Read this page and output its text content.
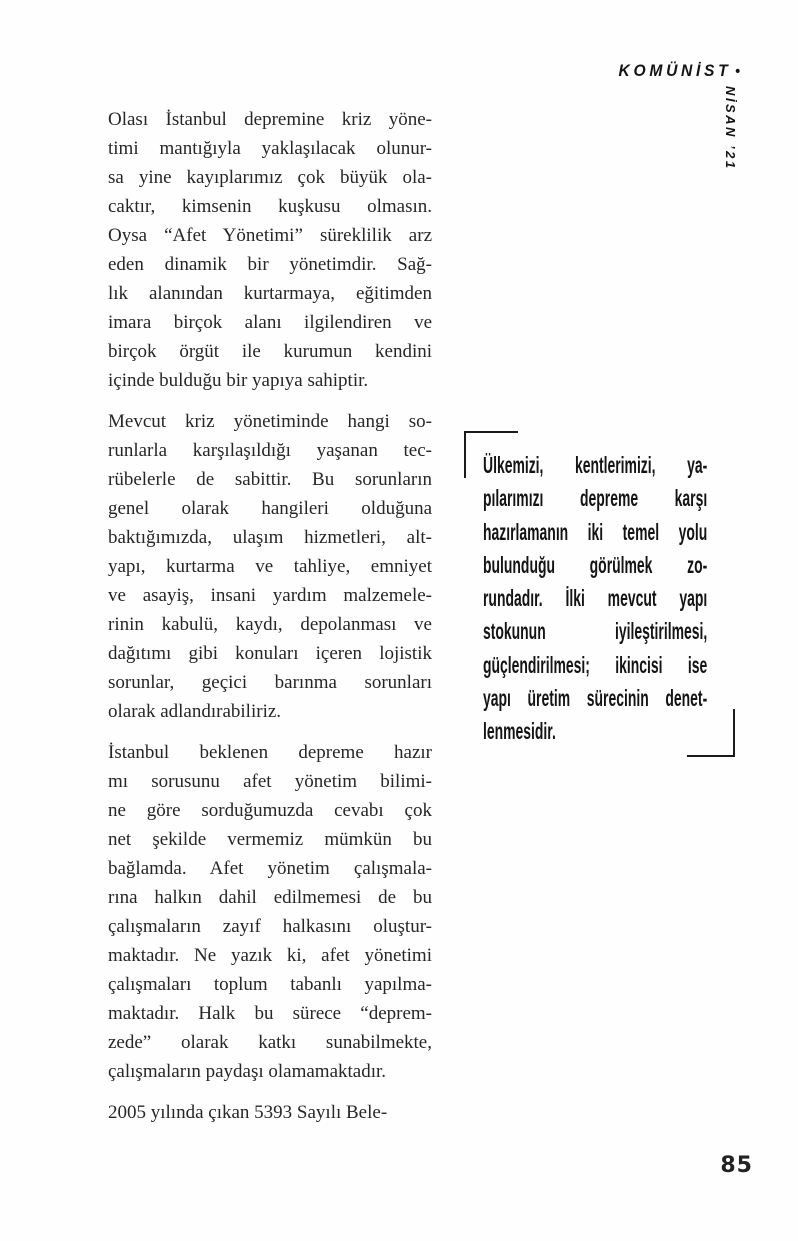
KOMÜNİST •
NİSAN ’21

Olası İstanbul depremine kriz yöne-
timi mantığıyla yaklaşılacak olunur-
sa yine kayıplarımız çok büyük ola-
caktır, kimsenin kuşkusu olmasın.
Oysa “Afet Yönetimi” süreklilik arz
eden dinamik bir yönetimdir. Sağ-
lık alanından kurtarmaya, eğitimden
imara birçok alanı ilgilendiren ve
birçok örgüt ile kurumun kendini
içinde bulduğu bir yapıya sahiptir.

Mevcut kriz yönetiminde hangi so-
runlarla karşılaşıldığı yaşanan tec-
rübelerle de sabittir. Bu sorunların
genel olarak hangileri olduğuna
baktığımızda, ulaşım hizmetleri, alt-
yapı, kurtarma ve tahliye, emniyet
ve asayiş, insani yardım malzemele-
rinin kabulü, kaydı, depolanması ve
dağıtımı gibi konuları içeren lojistik
sorunlar, geçici barınma sorunları
olarak adlandırabiliriz.

İstanbul beklenen depreme hazır
mı sorusunu afet yönetim bilimi-
ne göre sorduğumuzda cevabı çok
net şekilde vermemiz mümkün bu
bağlamda. Afet yönetim çalışmala-
rına halkın dahil edilmemesi de bu
çalışmaların zayıf halkasını oluştur-
maktadır. Ne yazık ki, afet yönetimi
çalışmaları toplum tabanlı yapılma-
maktadır. Halk bu sürece “deprem-
zede” olarak katkı sunabilmekte,
çalışmaların paydaşı olamamaktadır.

2005 yılında çıkan 5393 Sayılı Bele-

Ülkemizi, kentlerimizi, ya-
pılarımızı depreme karşı
hazırlamanın iki temel yolu
bulunduğu görülmek zo-
rundadır. İlki mevcut yapı
stokunun iyileştirilmesi,
güçlendirilmesi; ikincisi ise
yapı üretim sürecinin denet-
lenmesidir.
85
